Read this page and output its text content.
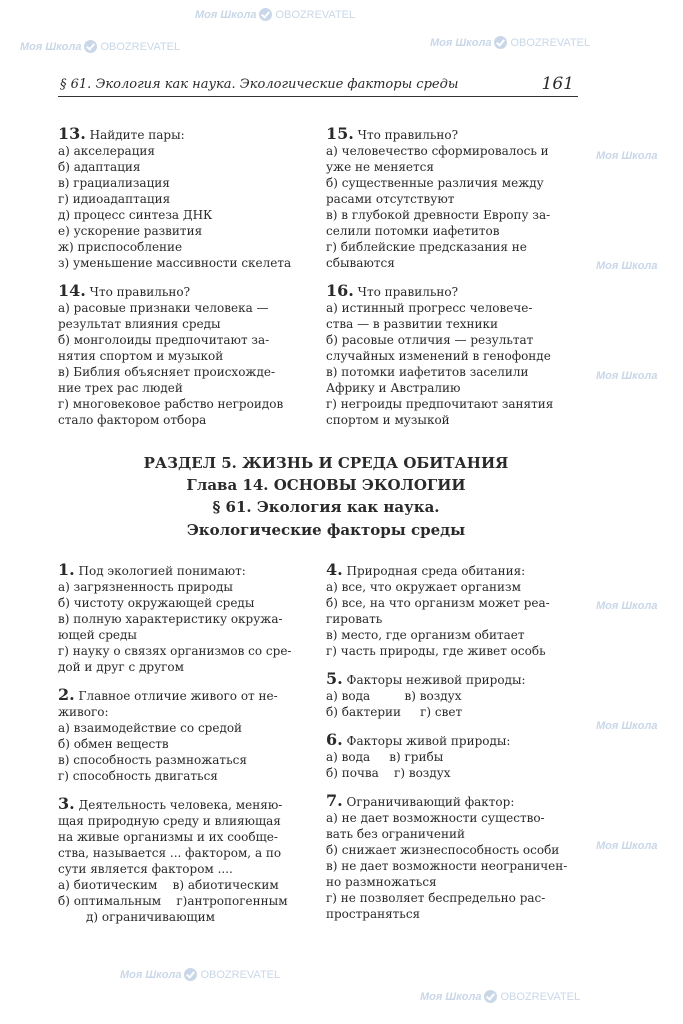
Моя Школа OBOZREVATEL
Моя Школа OBOZREVATEL
Моя Школа OBOZREVATEL
Моя Школа
Моя Школа
Моя Школа
Моя Школа
Моя Школа
Моя Школа
Моя Школа OBOZREVATEL
Моя Школа OBOZREVATEL
§ 61. Экология как наука. Экологические факторы среды	161
13. Найдите пары:
а) акселерация
б) адаптация
в) грациализация
г) идиоадаптация
д) процесс синтеза ДНК
е) ускорение развития
ж) приспособление
з) уменьшение массивности скелета
14. Что правильно?
а) расовые признаки человека —
результат влияния среды
б) монголоиды предпочитают за-
нятия спортом и музыкой
в) Библия объясняет происхожде-
ние трех рас людей
г) многовековое рабство негроидов
стало фактором отбора
15. Что правильно?
а) человечество сформировалось и
уже не меняется
б) существенные различия между
расами отсутствуют
в) в глубокой древности Европу за-
селили потомки иафетитов
г) библейские предсказания не
сбываются
16. Что правильно?
а) истинный прогресс человече-
ства — в развитии техники
б) расовые отличия — результат
случайных изменений в генофонде
в) потомки иафетитов заселили
Африку и Австралию
г) негроиды предпочитают занятия
спортом и музыкой
РАЗДЕЛ 5. ЖИЗНЬ И СРЕДА ОБИТАНИЯ
Глава 14. ОСНОВЫ ЭКОЛОГИИ
§ 61. Экология как наука.
Экологические факторы среды
1. Под экологией понимают:
а) загрязненность природы
б) чистоту окружающей среды
в) полную характеристику окружа-
ющей среды
г) науку о связях организмов со сре-
дой и друг с другом
2. Главное отличие живого от не-
живого:
а) взаимодействие со средой
б) обмен веществ
в) способность размножаться
г) способность двигаться
3. Деятельность человека, меняю-
щая природную среду и влияющая
на живые организмы и их сообще-
ства, называется ... фактором, а по
сути является фактором ....
а) биотическим    в) абиотическим
б) оптимальным    г)антропогенным
д) ограничивающим
4. Природная среда обитания:
а) все, что окружает организм
б) все, на что организм может реа-
гировать
в) место, где организм обитает
г) часть природы, где живет особь
5. Факторы неживой природы:
а) вода         в) воздух
б) бактерии     г) свет
6. Факторы живой природы:
а) вода     в) грибы
б) почва    г) воздух
7. Ограничивающий фактор:
а) не дает возможности существо-
вать без ограничений
б) снижает жизнеспособность особи
в) не дает возможности неограничен-
но размножаться
г) не позволяет беспредельно рас-
пространяться
